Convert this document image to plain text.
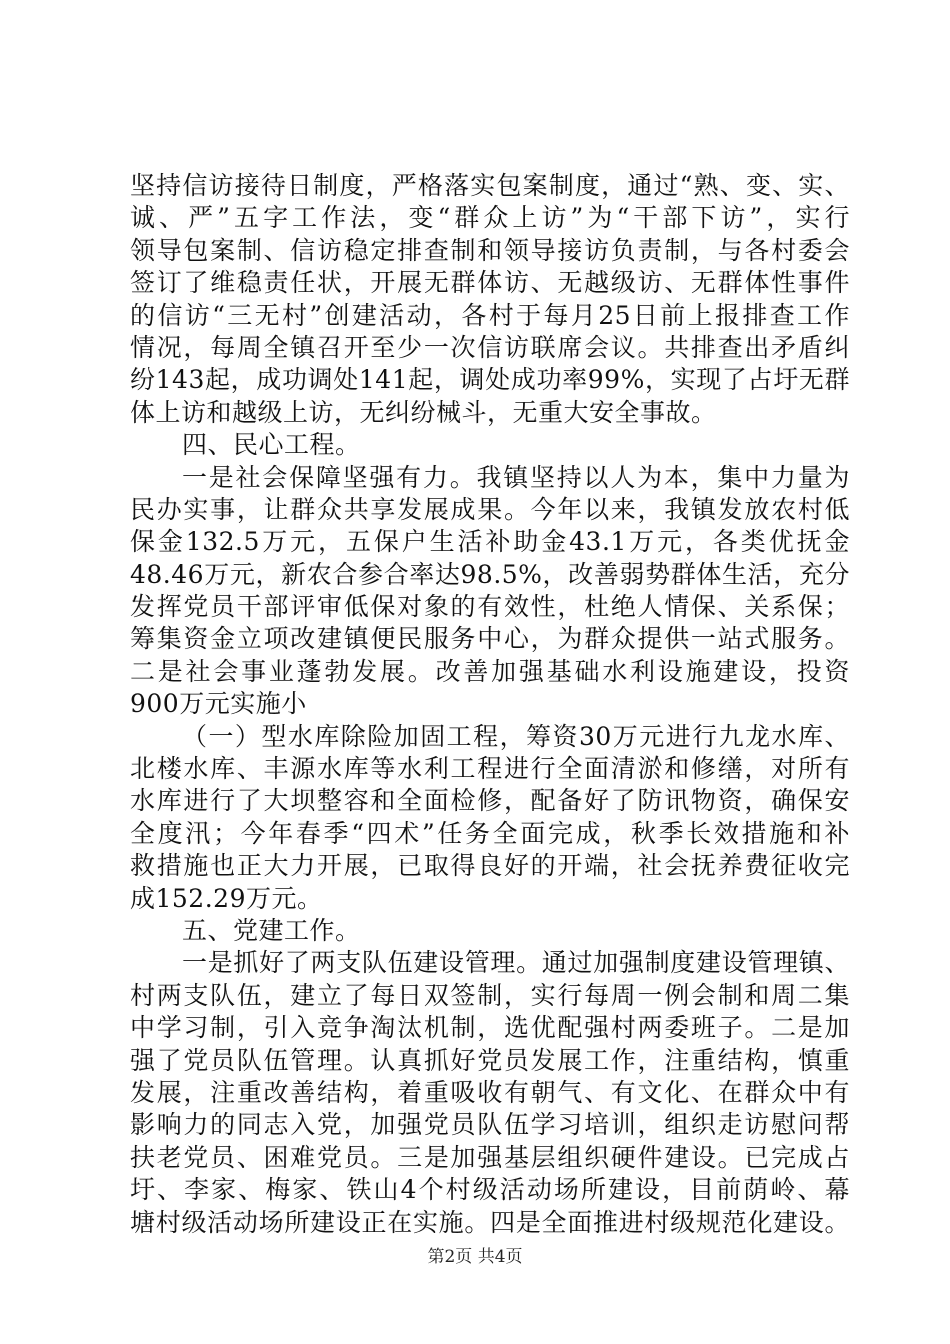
坚持信访接待日制度，严格落实包案制度，通过“熟、变、实、
诚、严”五字工作法，变“群众上访”为“干部下访”，实行
领导包案制、信访稳定排查制和领导接访负责制，与各村委会
签订了维稳责任状，开展无群体访、无越级访、无群体性事件
的信访“三无村”创建活动，各村于每月25日前上报排查工作
情况，每周全镇召开至少一次信访联席会议。共排查出矛盾纠
纷143起，成功调处141起，调处成功率99%，实现了占圩无群
体上访和越级上访，无纠纷械斗，无重大安全事故。
四、民心工程。
一是社会保障坚强有力。我镇坚持以人为本，集中力量为
民办实事，让群众共享发展成果。今年以来，我镇发放农村低
保金132.5万元，五保户生活补助金43.1万元，各类优抚金
48.46万元，新农合参合率达98.5%，改善弱势群体生活，充分
发挥党员干部评审低保对象的有效性，杜绝人情保、关系保；
筹集资金立项改建镇便民服务中心，为群众提供一站式服务。
二是社会事业蓬勃发展。改善加强基础水利设施建设，投资
900万元实施小
（一）型水库除险加固工程，筹资30万元进行九龙水库、
北楼水库、丰源水库等水利工程进行全面清淤和修缮，对所有
水库进行了大坝整容和全面检修，配备好了防讯物资，确保安
全度汛；今年春季“四术”任务全面完成，秋季长效措施和补
救措施也正大力开展，已取得良好的开端，社会抚养费征收完
成152.29万元。
五、党建工作。
一是抓好了两支队伍建设管理。通过加强制度建设管理镇、
村两支队伍，建立了每日双签制，实行每周一例会制和周二集
中学习制，引入竞争淘汰机制，选优配强村两委班子。二是加
强了党员队伍管理。认真抓好党员发展工作，注重结构，慎重
发展，注重改善结构，着重吸收有朝气、有文化、在群众中有
影响力的同志入党，加强党员队伍学习培训，组织走访慰问帮
扶老党员、困难党员。三是加强基层组织硬件建设。已完成占
圩、李家、梅家、铁山4个村级活动场所建设，目前荫岭、幕
塘村级活动场所建设正在实施。四是全面推进村级规范化建设。
第2页 共4页
